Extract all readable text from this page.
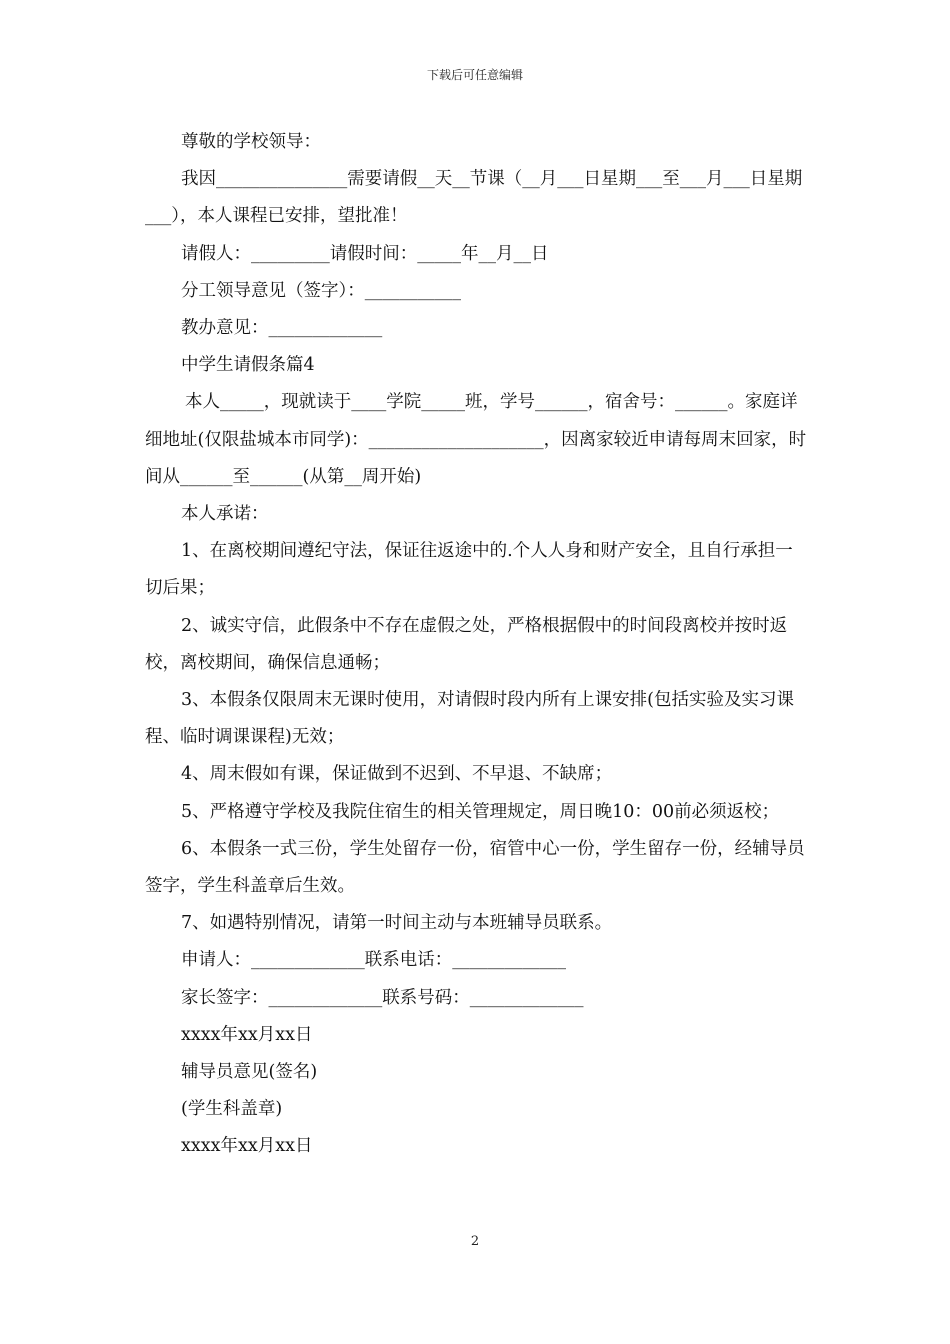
下载后可任意编辑

尊敬的学校领导：

我因_______________需要请假__天__节课（__月___日星期___至___月___日星期___），本人课程已安排，望批准！

请假人：_________请假时间：_____年__月__日

分工领导意见（签字）：___________

教办意见：_____________

中学生请假条篇4

本人_____，现就读于____学院_____班，学号______，宿舍号：______。家庭详细地址(仅限盐城本市同学)：____________________，因离家较近申请每周末回家，时间从______至______(从第__周开始)

本人承诺：

1、在离校期间遵纪守法，保证往返途中的.个人人身和财产安全，且自行承担一切后果；

2、诚实守信，此假条中不存在虚假之处，严格根据假中的时间段离校并按时返校，离校期间，确保信息通畅；

3、本假条仅限周末无课时使用，对请假时段内所有上课安排(包括实验及实习课程、临时调课课程)无效；

4、周末假如有课，保证做到不迟到、不早退、不缺席；

5、严格遵守学校及我院住宿生的相关管理规定，周日晚10：00前必须返校；

6、本假条一式三份，学生处留存一份，宿管中心一份，学生留存一份，经辅导员签字，学生科盖章后生效。

7、如遇特别情况，请第一时间主动与本班辅导员联系。

申请人：_____________联系电话：_____________

家长签字：_____________联系号码：_____________

xxxx年xx月xx日

辅导员意见(签名)

(学生科盖章)

xxxx年xx月xx日

2
